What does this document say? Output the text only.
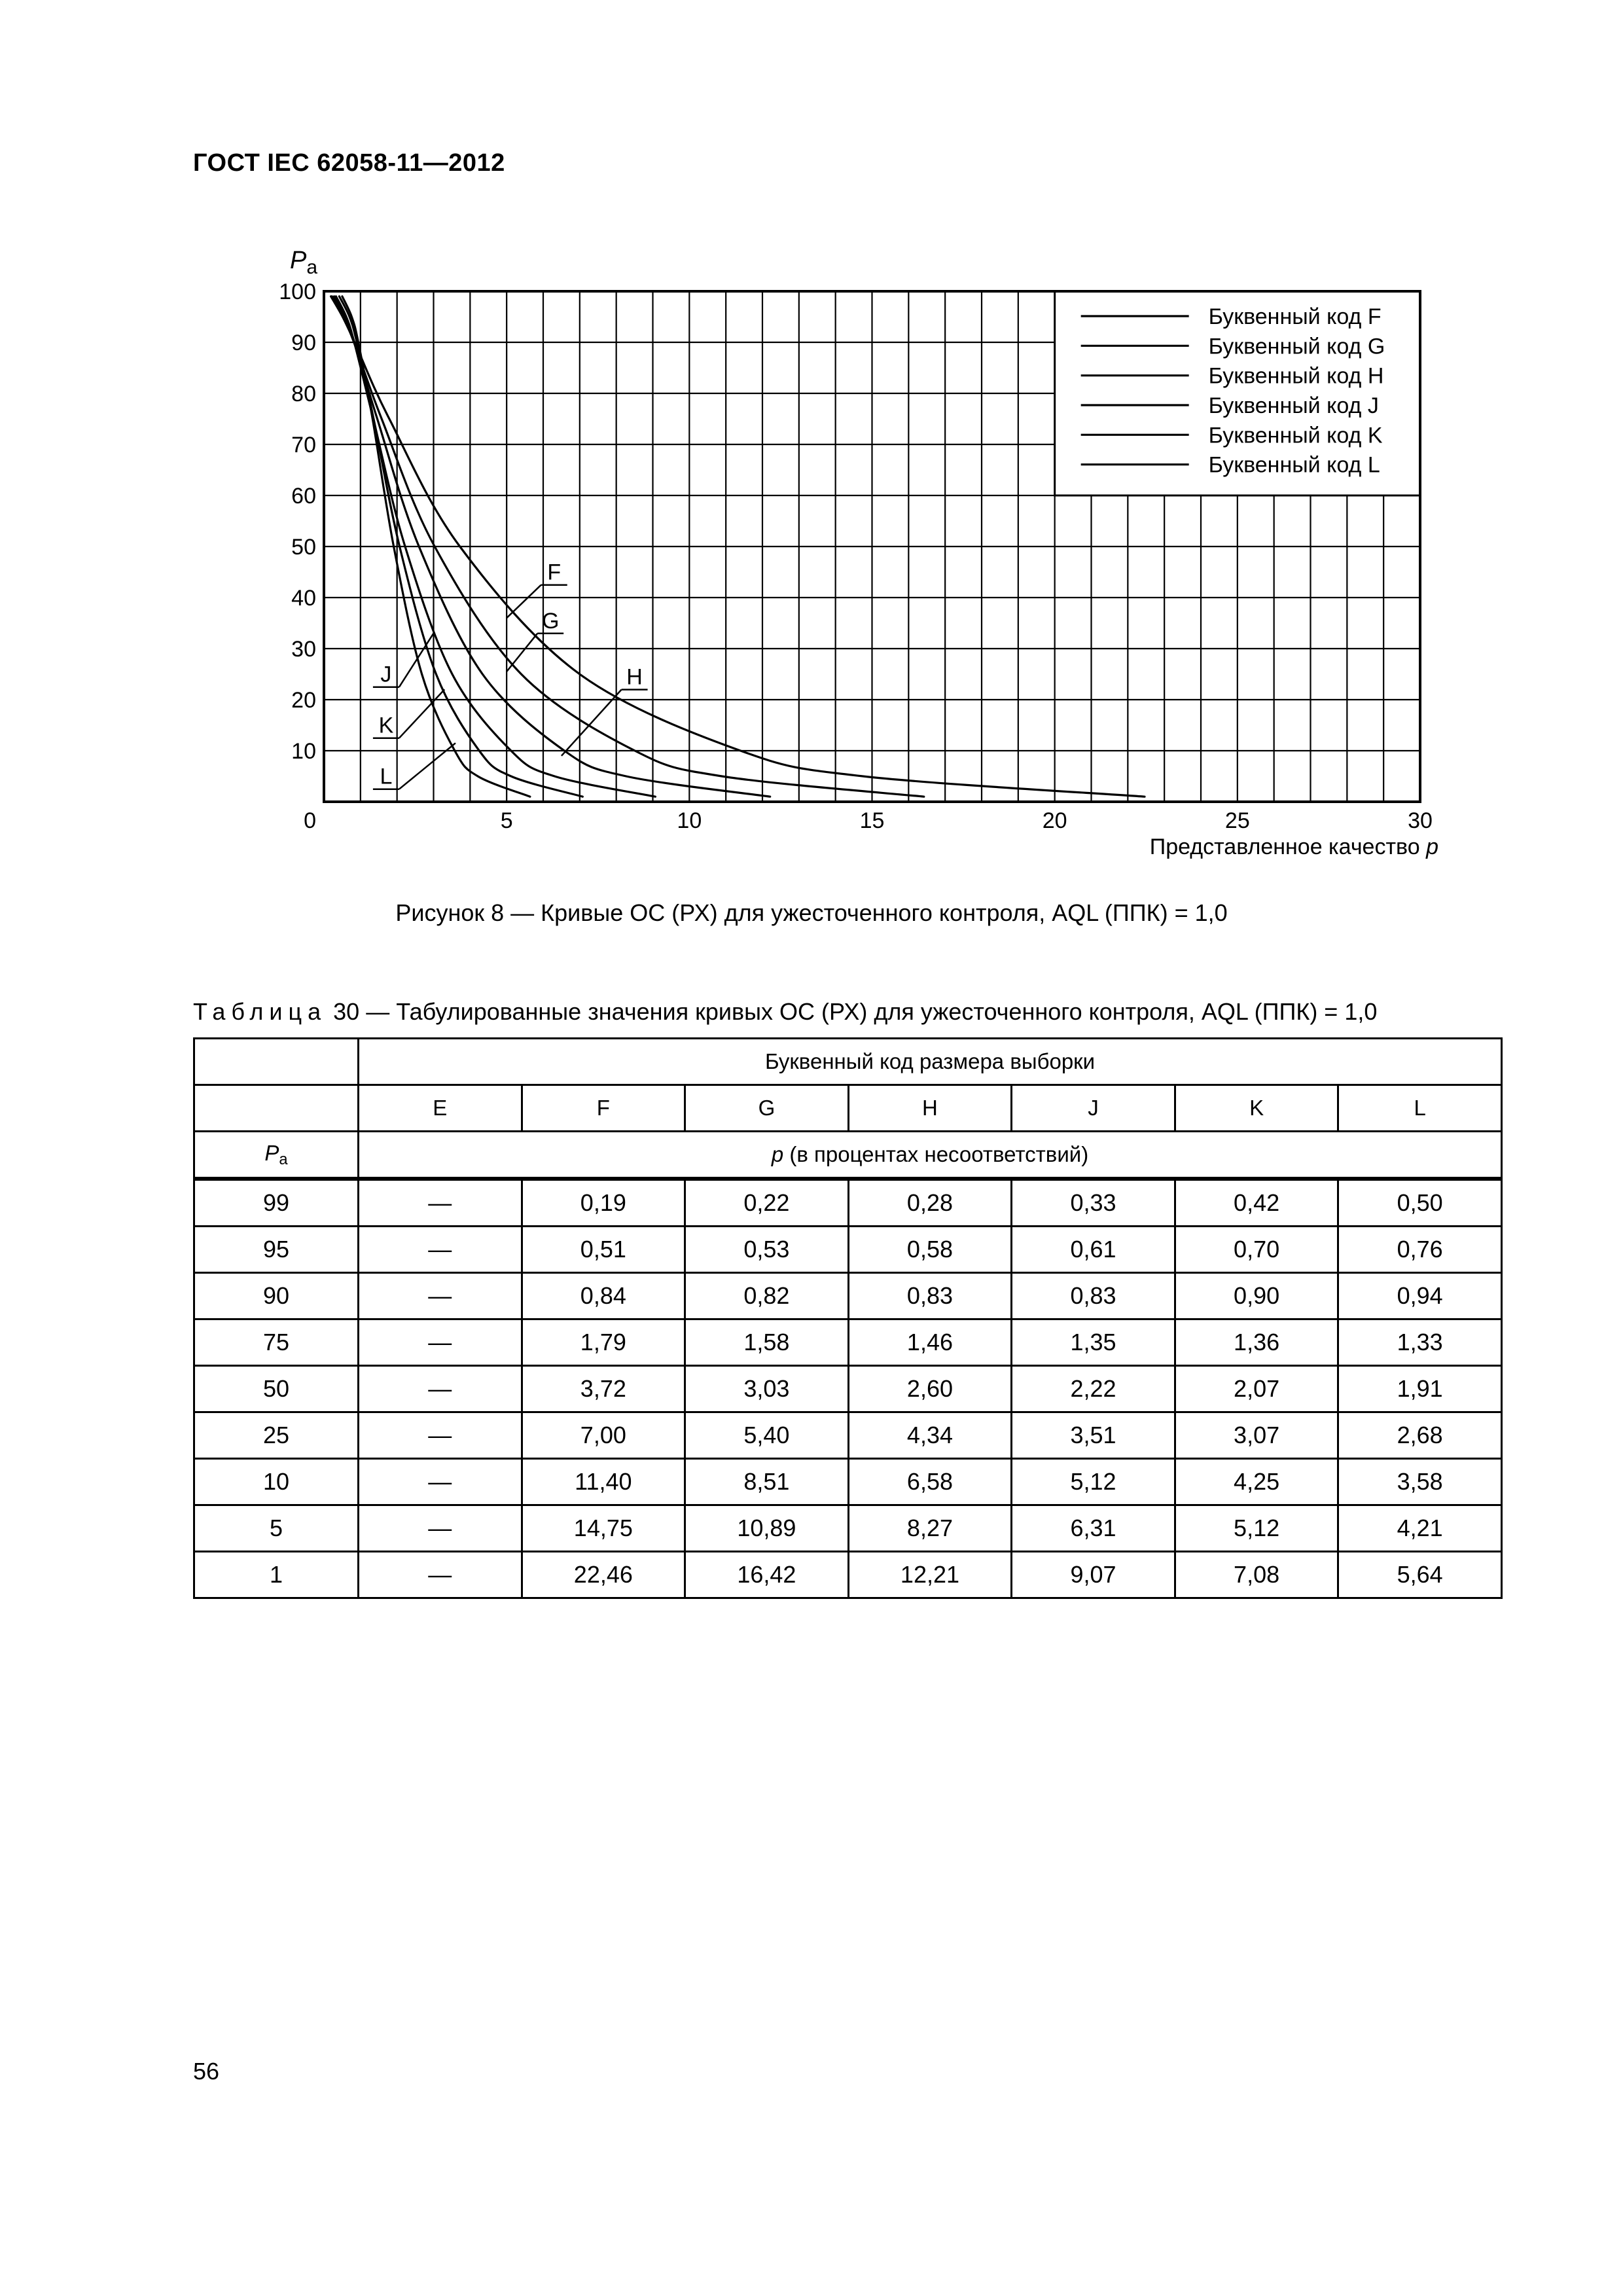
ГОСТ IEC 62058-11—2012
10
20
30
40
50
60
70
80
90
100
0	5	10	15	20	25	30
$P_a$
Представленное качество p
F
G
H
J
K
L
Буквенный код F
Буквенный код G
Буквенный код H
Буквенный код J
Буквенный код K
Буквенный код L
Рисунок 8 — Кривые ОС (РХ) для ужесточенного контроля, AQL (ППК) = 1,0
Таблица 30 — Табулированные значения кривых ОС (РХ) для ужесточенного контроля, AQL (ППК) = 1,0
	Буквенный код размера выборки						
	E	F	G	H	J	K	L
$P_a$	p (в процентах несоответствий)						
99	—	0,19	0,22	0,28	0,33	0,42	0,50
95	—	0,51	0,53	0,58	0,61	0,70	0,76
90	—	0,84	0,82	0,83	0,83	0,90	0,94
75	—	1,79	1,58	1,46	1,35	1,36	1,33
50	—	3,72	3,03	2,60	2,22	2,07	1,91
25	—	7,00	5,40	4,34	3,51	3,07	2,68
10	—	11,40	8,51	6,58	5,12	4,25	3,58
5	—	14,75	10,89	8,27	6,31	5,12	4,21
1	—	22,46	16,42	12,21	9,07	7,08	5,64
56
